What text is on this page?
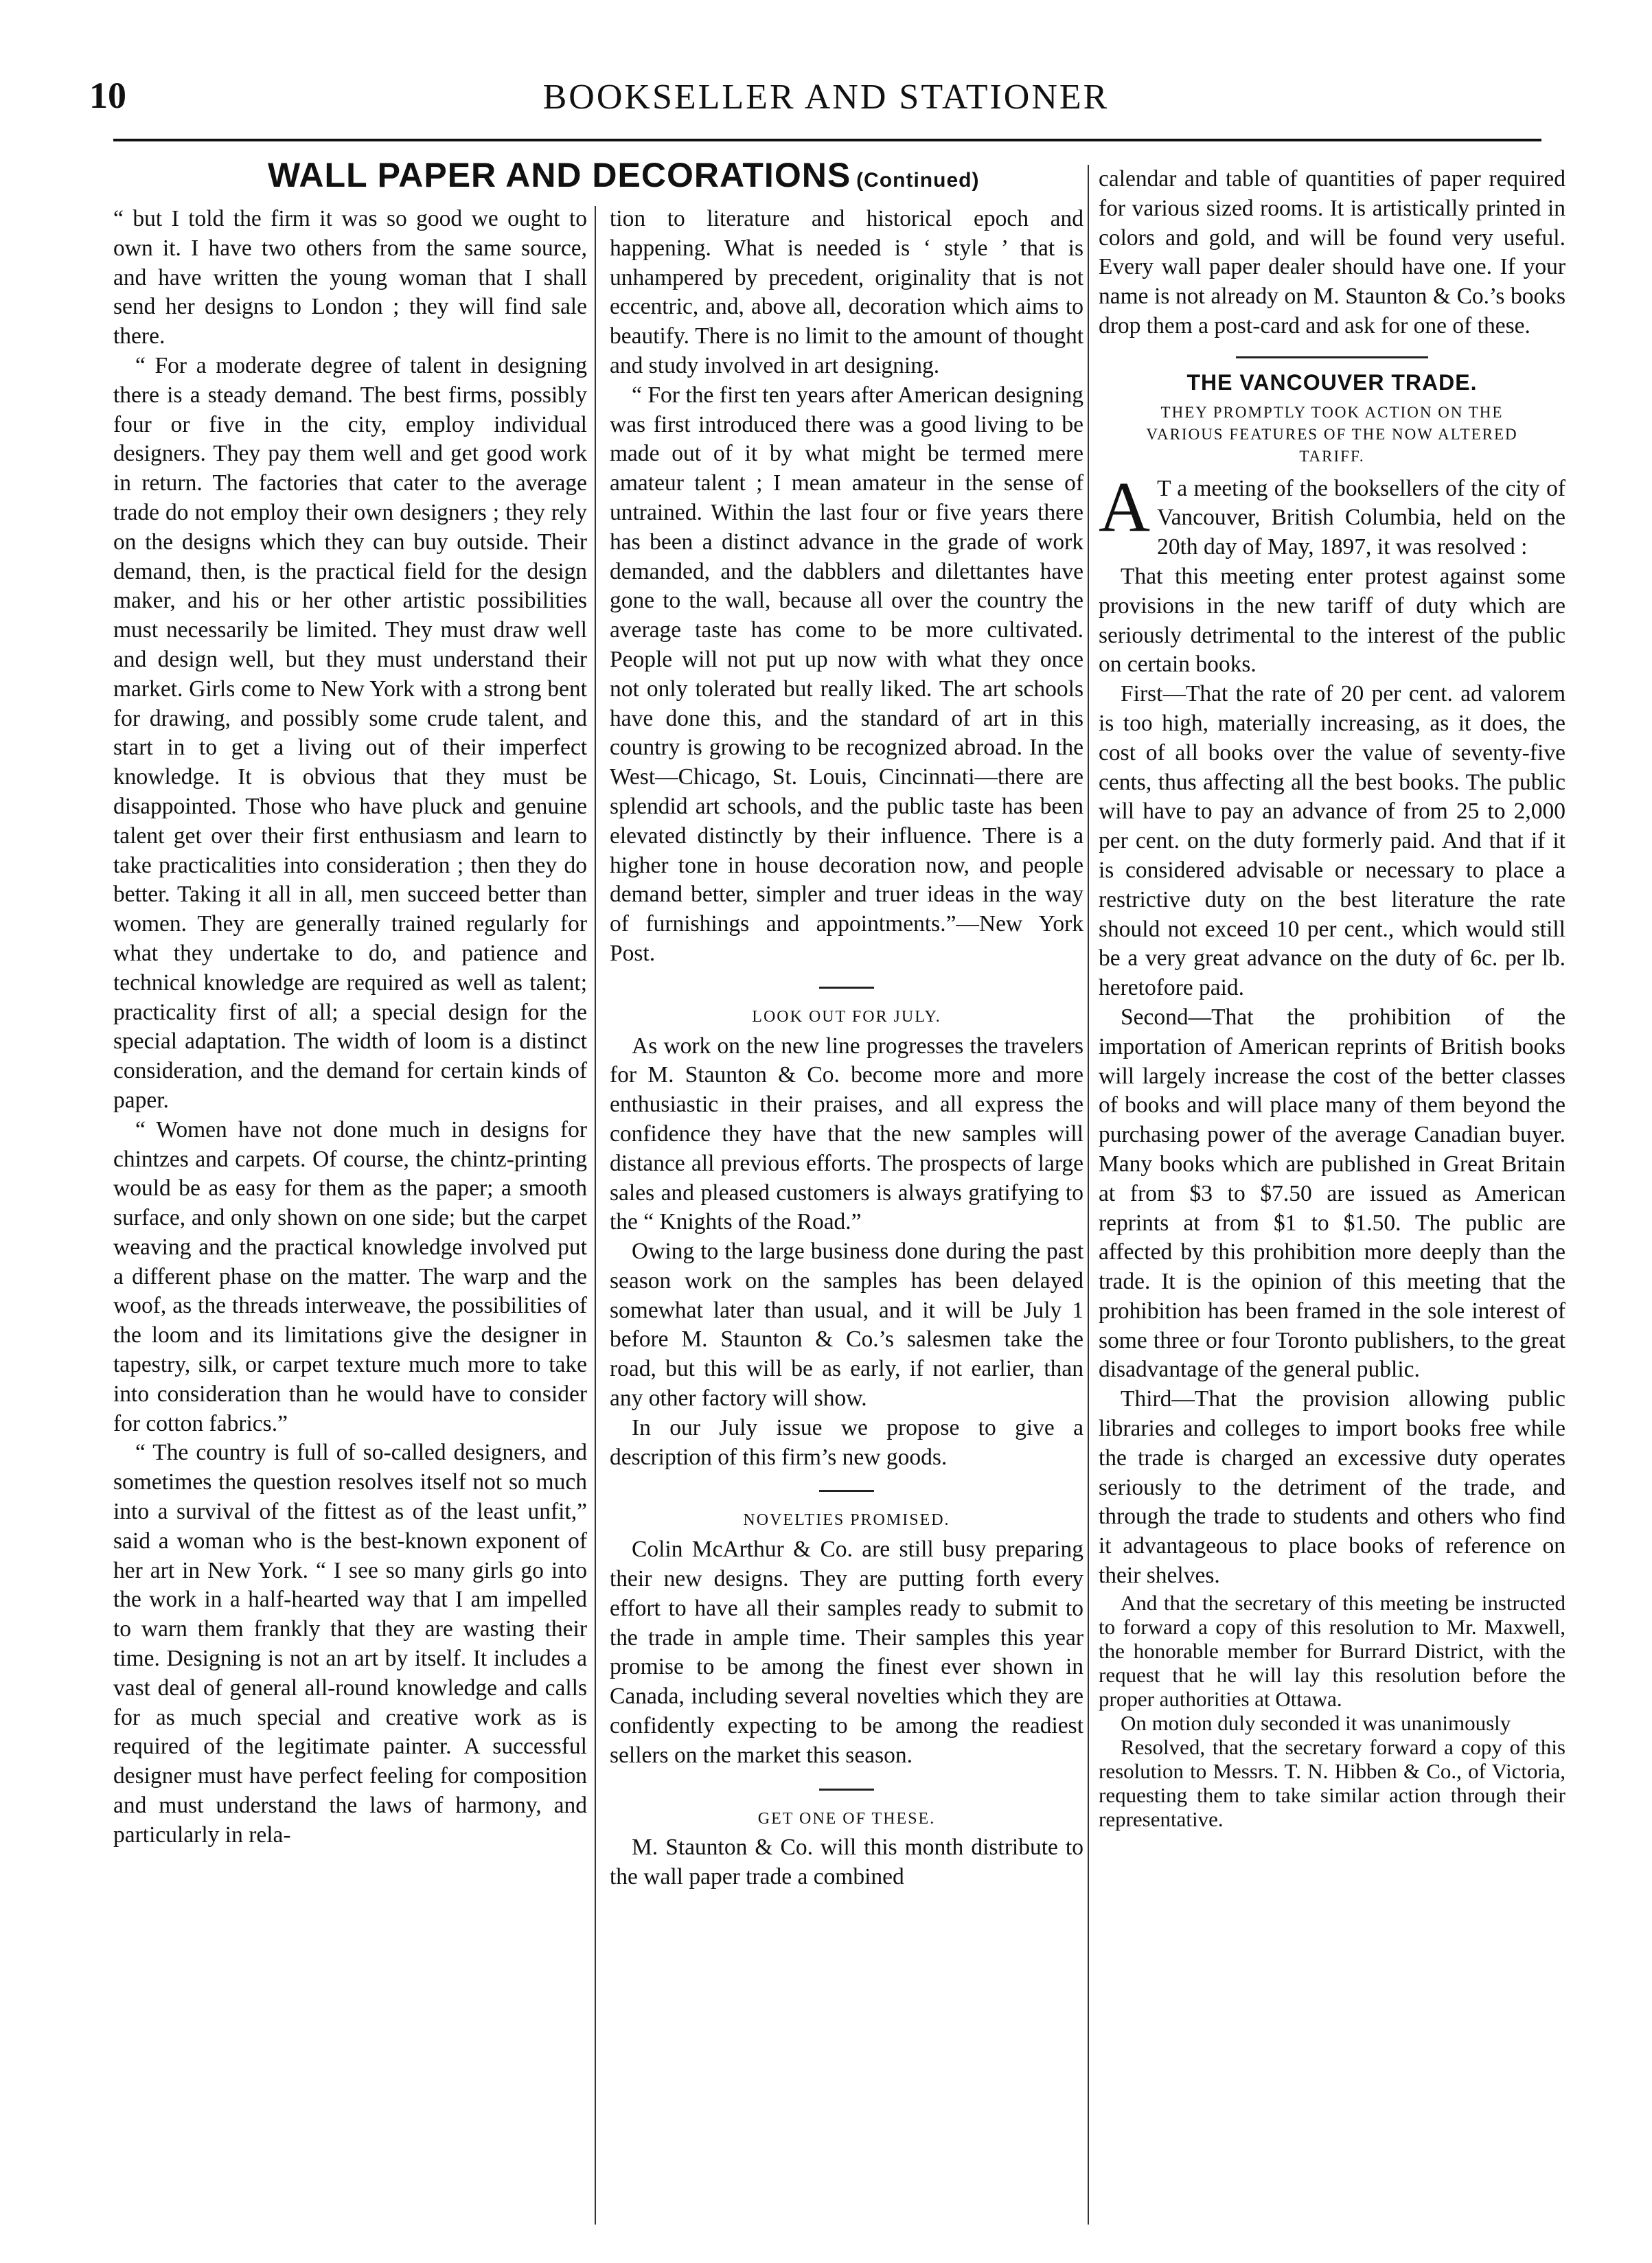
10	BOOKSELLER AND STATIONER
WALL PAPER AND DECORATIONS (Continued)

“ but I told the firm it was so good we ought to own it. I have two others from the same source, and have written the young woman that I shall send her designs to London ; they will find sale there.

“ For a moderate degree of talent in designing there is a steady demand. The best firms, possibly four or five in the city, employ individual designers. They pay them well and get good work in return. The factories that cater to the average trade do not employ their own designers ; they rely on the designs which they can buy outside. Their demand, then, is the practical field for the design maker, and his or her other artistic possibilities must necessarily be limited. They must draw well and design well, but they must understand their market. Girls come to New York with a strong bent for drawing, and possibly some crude talent, and start in to get a living out of their imperfect knowledge. It is obvious that they must be disappointed. Those who have pluck and genuine talent get over their first enthusiasm and learn to take practicalities into consideration ; then they do better. Taking it all in all, men succeed better than women. They are generally trained regularly for what they undertake to do, and patience and technical knowledge are required as well as talent; practicality first of all; a special design for the special adaptation. The width of loom is a distinct consideration, and the demand for certain kinds of paper.

“ Women have not done much in designs for chintzes and carpets. Of course, the chintz-printing would be as easy for them as the paper; a smooth surface, and only shown on one side; but the carpet weaving and the practical knowledge involved put a different phase on the matter. The warp and the woof, as the threads interweave, the possibilities of the loom and its limitations give the designer in tapestry, silk, or carpet texture much more to take into consideration than he would have to consider for cotton fabrics.”

“ The country is full of so-called designers, and sometimes the question resolves itself not so much into a survival of the fittest as of the least unfit,” said a woman who is the best-known exponent of her art in New York. “ I see so many girls go into the work in a half-hearted way that I am impelled to warn them frankly that they are wasting their time. Designing is not an art by itself. It includes a vast deal of general all-round knowledge and calls for as much special and creative work as is required of the legitimate painter. A successful designer must have perfect feeling for composition and must understand the laws of harmony, and particularly in rela-

tion to literature and historical epoch and happening. What is needed is ‘ style ’ that is unhampered by precedent, originality that is not eccentric, and, above all, decoration which aims to beautify. There is no limit to the amount of thought and study involved in art designing.

“ For the first ten years after American designing was first introduced there was a good living to be made out of it by what might be termed mere amateur talent ; I mean amateur in the sense of untrained. Within the last four or five years there has been a distinct advance in the grade of work demanded, and the dabblers and dilettantes have gone to the wall, because all over the country the average taste has come to be more cultivated. People will not put up now with what they once not only tolerated but really liked. The art schools have done this, and the standard of art in this country is growing to be recognized abroad. In the West—Chicago, St. Louis, Cincinnati—there are splendid art schools, and the public taste has been elevated distinctly by their influence. There is a higher tone in house decoration now, and people demand better, simpler and truer ideas in the way of furnishings and appointments.”—New York Post.

LOOK OUT FOR JULY.

As work on the new line progresses the travelers for M. Staunton & Co. become more and more enthusiastic in their praises, and all express the confidence they have that the new samples will distance all previous efforts. The prospects of large sales and pleased customers is always gratifying to the “ Knights of the Road.”

Owing to the large business done during the past season work on the samples has been delayed somewhat later than usual, and it will be July 1 before M. Staunton & Co.’s salesmen take the road, but this will be as early, if not earlier, than any other factory will show.

In our July issue we propose to give a description of this firm’s new goods.

NOVELTIES PROMISED.

Colin McArthur & Co. are still busy preparing their new designs. They are putting forth every effort to have all their samples ready to submit to the trade in ample time. Their samples this year promise to be among the finest ever shown in Canada, including several novelties which they are confidently expecting to be among the readiest sellers on the market this season.

GET ONE OF THESE.

M. Staunton & Co. will this month distribute to the wall paper trade a combined

calendar and table of quantities of paper required for various sized rooms. It is artistically printed in colors and gold, and will be found very useful. Every wall paper dealer should have one. If your name is not already on M. Staunton & Co.’s books drop them a post-card and ask for one of these.

THE VANCOUVER TRADE.
THEY PROMPTLY TOOK ACTION ON THE VARIOUS FEATURES OF THE NOW ALTERED TARIFF.

A T a meeting of the booksellers of the city of Vancouver, British Columbia, held on the 20th day of May, 1897, it was resolved :

That this meeting enter protest against some provisions in the new tariff of duty which are seriously detrimental to the interest of the public on certain books.

First—That the rate of 20 per cent. ad valorem is too high, materially increasing, as it does, the cost of all books over the value of seventy-five cents, thus affecting all the best books. The public will have to pay an advance of from 25 to 2,000 per cent. on the duty formerly paid. And that if it is considered advisable or necessary to place a restrictive duty on the best literature the rate should not exceed 10 per cent., which would still be a very great advance on the duty of 6c. per lb. heretofore paid.

Second—That the prohibition of the importation of American reprints of British books will largely increase the cost of the better classes of books and will place many of them beyond the purchasing power of the average Canadian buyer. Many books which are published in Great Britain at from $3 to $7.50 are issued as American reprints at from $1 to $1.50. The public are affected by this prohibition more deeply than the trade. It is the opinion of this meeting that the prohibition has been framed in the sole interest of some three or four Toronto publishers, to the great disadvantage of the general public.

Third—That the provision allowing public libraries and colleges to import books free while the trade is charged an excessive duty operates seriously to the detriment of the trade, and through the trade to students and others who find it advantageous to place books of reference on their shelves.

And that the secretary of this meeting be instructed to forward a copy of this resolution to Mr. Maxwell, the honorable member for Burrard District, with the request that he will lay this resolution before the proper authorities at Ottawa.

On motion duly seconded it was unanimously

Resolved, that the secretary forward a copy of this resolution to Messrs. T. N. Hibben & Co., of Victoria, requesting them to take similar action through their representative.
